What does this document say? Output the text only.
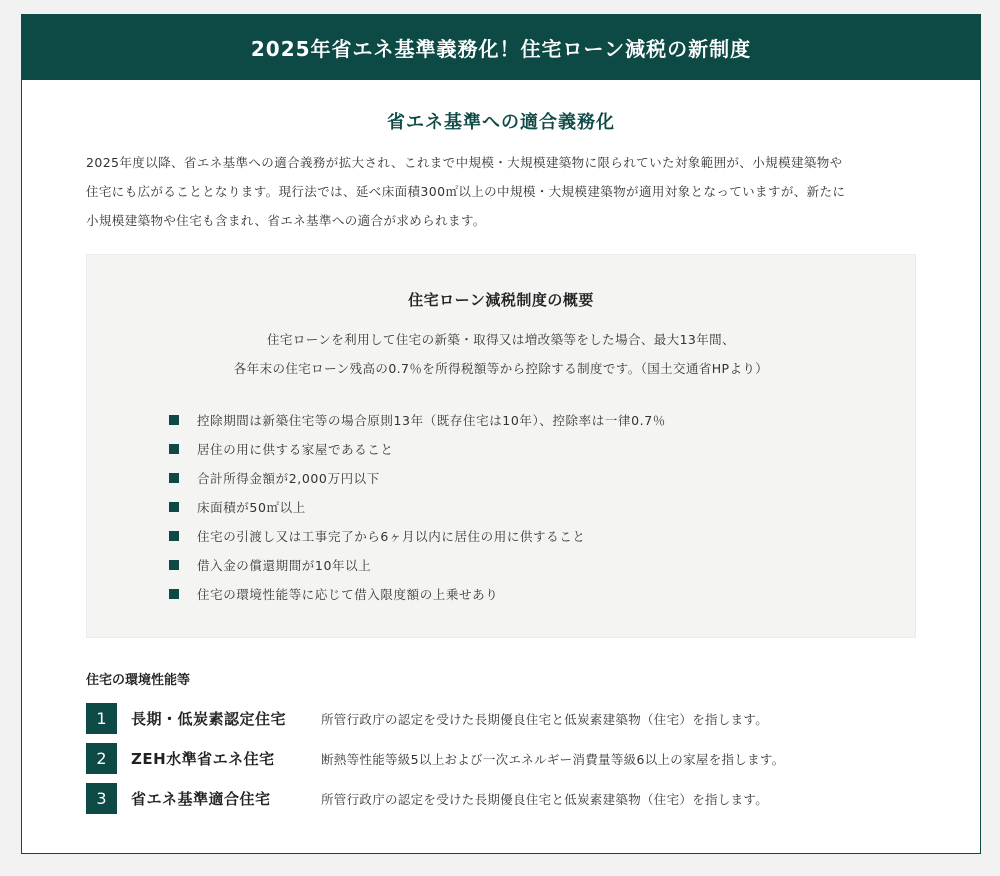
2025年省エネ基準義務化！住宅ローン減税の新制度
省エネ基準への適合義務化

2025年度以降、省エネ基準への適合義務が拡大され、これまで中規模・大規模建築物に限られていた対象範囲が、小規模建築物や
住宅にも広がることとなります。現行法では、延べ床面積300㎡以上の中規模・大規模建築物が適用対象となっていますが、新たに
小規模建築物や住宅も含まれ、省エネ基準への適合が求められます。

住宅ローン減税制度の概要
住宅ローンを利用して住宅の新築・取得又は増改築等をした場合、最大13年間、
各年末の住宅ローン残高の0.7％を所得税額等から控除する制度です。（国土交通省HPより）
控除期間は新築住宅等の場合原則13年（既存住宅は10年）、控除率は一律0.7％
居住の用に供する家屋であること
合計所得金額が2,000万円以下
床面積が50㎡以上
住宅の引渡し又は工事完了から6ヶ月以内に居住の用に供すること
借入金の償還期間が10年以上
住宅の環境性能等に応じて借入限度額の上乗せあり
住宅の環境性能等
1	長期・低炭素認定住宅	所管行政庁の認定を受けた長期優良住宅と低炭素建築物（住宅）を指します。
2	ZEH水準省エネ住宅	断熱等性能等級5以上および一次エネルギー消費量等級6以上の家屋を指します。
3	省エネ基準適合住宅	所管行政庁の認定を受けた長期優良住宅と低炭素建築物（住宅）を指します。
